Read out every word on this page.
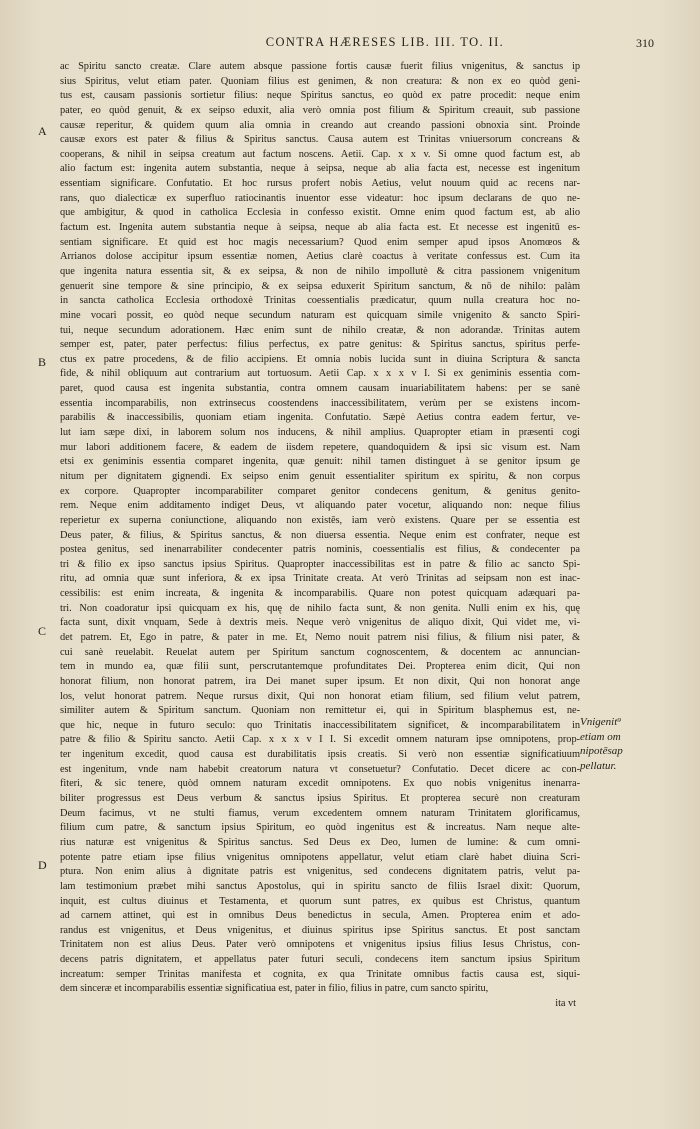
CONTRA HÆRESES LIB. III. TO. II.	310
A
B
C
D
Vnigenit⁹
etiam om
nipotēsap
pellatur.
ac Spiritu sancto creatæ. Clare autem absque passione fortis causæ fuerit filius vnigenitus, & sanctus ip
sius Spiritus, velut etiam pater. Quoniam filius est genimen, & non creatura: & non ex eo quòd geni-
tus est, causam passionis sortietur filius: neque Spiritus sanctus, eo quòd ex patre procedit: neque enim
pater, eo quòd genuit, & ex seipso eduxit, alia verò omnia post filium & Spiritum creauit, sub passione
causæ reperitur, & quidem quum alia omnia in creando aut creando passioni obnoxia sint. Proinde
causæ exors est pater & filius & Spiritus sanctus. Causa autem est Trinitas vniuersorum concreans &
cooperans, & nihil in seipsa creatum aut factum noscens. Aetii. Cap. x x v. Si omne quod factum est, ab
alio factum est: ingenita autem substantia, neque à seipsa, neque ab alia facta est, necesse est ingenitum
essentiam significare. Confutatio. Et hoc rursus profert nobis Aetius, velut nouum quid ac recens nar-
rans, quo dialecticæ ex superfluo ratiocinantis inuentor esse videatur: hoc ipsum declarans de quo ne-
que ambigitur, & quod in catholica Ecclesia in confesso existit. Omne enim quod factum est, ab alio
factum est. Ingenita autem substantia neque à seipsa, neque ab alia facta est. Et necesse est ingenitū es-
sentiam significare. Et quid est hoc magis necessarium? Quod enim semper apud ipsos Anomœos &
Arrianos dolose accipitur ipsum essentiæ nomen, Aetius clarè coactus à veritate confessus est. Cum ita
que ingenita natura essentia sit, & ex seipsa, & non de nihilo impollutè & citra passionem vnigenitum
genuerit sine tempore & sine principio, & ex seipsa eduxerit Spiritum sanctum, & nō de nihilo: palàm
in sancta catholica Ecclesia orthodoxè Trinitas coessentialis prædicatur, quum nulla creatura hoc no-
mine vocari possit, eo quòd neque secundum naturam est quicquam simile vnigenito & sancto Spiri-
tui, neque secundum adorationem. Hæc enim sunt de nihilo creatæ, & non adorandæ. Trinitas autem
semper est, pater, pater perfectus: filius perfectus, ex patre genitus: & Spiritus sanctus, spiritus perfe-
ctus ex patre procedens, & de filio accipiens. Et omnia nobis lucida sunt in diuina Scriptura & sancta
fide, & nihil obliquum aut contrarium aut tortuosum. Aetii Cap. x x x v I. Si ex geniminis essentia com-
paret, quod causa est ingenita substantia, contra omnem causam inuariabilitatem habens: per se sanè
essentia incomparabilis, non extrinsecus coostendens inaccessibilitatem, verùm per se existens incom-
parabilis & inaccessibilis, quoniam etiam ingenita. Confutatio. Sæpè Aetius contra eadem fertur, ve-
lut iam sæpe dixi, in laborem solum nos inducens, & nihil amplius. Quapropter etiam in præsenti cogi
mur labori additionem facere, & eadem de iisdem repetere, quandoquidem & ipsi sic visum est. Nam
etsi ex geniminis essentia comparet ingenita, quæ genuit: nihil tamen distinguet à se genitor ipsum ge
nitum per dignitatem gignendi. Ex seipso enim genuit essentialiter spiritum ex spiritu, & non corpus
ex corpore. Quapropter incomparabiliter comparet genitor condecens genitum, & genitus genito-
rem. Neque enim additamento indiget Deus, vt aliquando pater vocetur, aliquando non: neque filius
reperietur ex superna coniunctione, aliquando non existēs, iam verò existens. Quare per se essentia est
Deus pater, & filius, & Spiritus sanctus, & non diuersa essentia. Neque enim est confrater, neque est
postea genitus, sed inenarrabiliter condecenter patris nominis, coessentialis est filius, & condecenter pa
tri & filio ex ipso sanctus ipsius Spiritus. Quapropter inaccessibilitas est in patre & filio ac sancto Spi-
ritu, ad omnia quæ sunt inferiora, & ex ipsa Trinitate creata. At verò Trinitas ad seipsam non est inac-
cessibilis: est enim increata, & ingenita & incomparabilis. Quare non potest quicquam adæquari pa-
tri. Non coadoratur ipsi quicquam ex his, quę de nihilo facta sunt, & non genita. Nulli enim ex his, quę
facta sunt, dixit vnquam, Sede à dextris meis. Neque verò vnigenitus de aliquo dixit, Qui videt me, vi-
det patrem. Et, Ego in patre, & pater in me. Et, Nemo nouit patrem nisi filius, & filium nisi pater, &
cui sanè reuelabit. Reuelat autem per Spiritum sanctum cognoscentem, & docentem ac annuncian-
tem in mundo ea, quæ filii sunt, perscrutantemque profunditates Dei. Propterea enim dicit, Qui non
honorat filium, non honorat patrem, ira Dei manet super ipsum. Et non dixit, Qui non honorat ange
los, velut honorat patrem. Neque rursus dixit, Qui non honorat etiam filium, sed filium velut patrem,
similiter autem & Spiritum sanctum. Quoniam non remittetur ei, qui in Spiritum blasphemus est, ne-
que hic, neque in futuro seculo: quo Trinitatis inaccessibilitatem significet, & incomparabilitatem in
patre & filio & Spiritu sancto. Aetii Cap. x x x v I I. Si excedit omnem naturam ipse omnipotens, prop-
ter ingenitum excedit, quod causa est durabilitatis ipsis creatis. Si verò non essentiæ significatiuum
est ingenitum, vnde nam habebit creatorum natura vt consetuetur? Confutatio. Decet dicere ac con-
fiteri, & sic tenere, quòd omnem naturam excedit omnipotens. Ex quo nobis vnigenitus inenarra-
biliter progressus est Deus verbum & sanctus ipsius Spiritus. Et propterea securè non creaturam
Deum facimus, vt ne stulti fiamus, verum excedentem omnem naturam Trinitatem glorificamus,
filium cum patre, & sanctum ipsius Spiritum, eo quòd ingenitus est & increatus. Nam neque alte-
rius naturæ est vnigenitus & Spiritus sanctus. Sed Deus ex Deo, lumen de lumine: & cum omni-
potente patre etiam ipse filius vnigenitus omnipotens appellatur, velut etiam clarè habet diuina Scri-
ptura. Non enim alius à dignitate patris est vnigenitus, sed condecens dignitatem patris, velut pa-
lam testimonium præbet mihi sanctus Apostolus, qui in spiritu sancto de filiis Israel dixit: Quorum,
inquit, est cultus diuinus et Testamenta, et quorum sunt patres, ex quibus est Christus, quantum
ad carnem attinet, qui est in omnibus Deus benedictus in secula, Amen. Propterea enim et ado-
randus est vnigenitus, et Deus vnigenitus, et diuinus spiritus ipse Spiritus sanctus. Et post sanctam
Trinitatem non est alius Deus. Pater verò omnipotens et vnigenitus ipsius filius Iesus Christus, con-
decens patris dignitatem, et appellatus pater futuri seculi, condecens item sanctum ipsius Spiritum
increatum: semper Trinitas manifesta et cognita, ex qua Trinitate omnibus factis causa est, siqui-
dem sinceræ et incomparabilis essentiæ significatiua est, pater in filio, filius in patre, cum sancto spiritu,
ita vt
